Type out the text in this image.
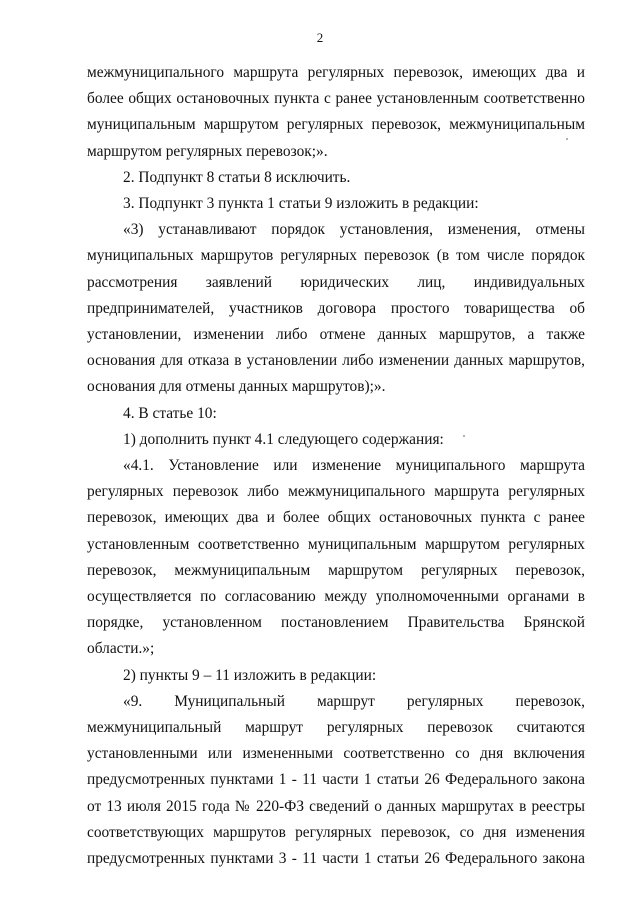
2

межмуниципального маршрута регулярных перевозок, имеющих два и более общих остановочных пункта с ранее установленным соответственно муниципальным маршрутом регулярных перевозок, межмуниципальным маршрутом регулярных перевозок;».

2. Подпункт 8 статьи 8 исключить.

3. Подпункт 3 пункта 1 статьи 9 изложить в редакции:

«3) устанавливают порядок установления, изменения, отмены муниципальных маршрутов регулярных перевозок (в том числе порядок рассмотрения заявлений юридических лиц, индивидуальных предпринимателей, участников договора простого товарищества об установлении, изменении либо отмене данных маршрутов, а также основания для отказа в установлении либо изменении данных маршрутов, основания для отмены данных маршрутов);».

4. В статье 10:

1) дополнить пункт 4.1 следующего содержания:

«4.1. Установление или изменение муниципального маршрута регулярных перевозок либо межмуниципального маршрута регулярных перевозок, имеющих два и более общих остановочных пункта с ранее установленным соответственно муниципальным маршрутом регулярных перевозок, межмуниципальным маршрутом регулярных перевозок, осуществляется по согласованию между уполномоченными органами в порядке, установленном постановлением Правительства Брянской области.»;

2) пункты 9 – 11 изложить в редакции:

«9. Муниципальный маршрут регулярных перевозок, межмуниципальный маршрут регулярных перевозок считаются установленными или измененными соответственно со дня включения предусмотренных пунктами 1 - 11 части 1 статьи 26 Федерального закона от 13 июля 2015 года № 220-ФЗ сведений о данных маршрутах в реестры соответствующих маршрутов регулярных перевозок, со дня изменения предусмотренных пунктами 3 - 11 части 1 статьи 26 Федерального закона
